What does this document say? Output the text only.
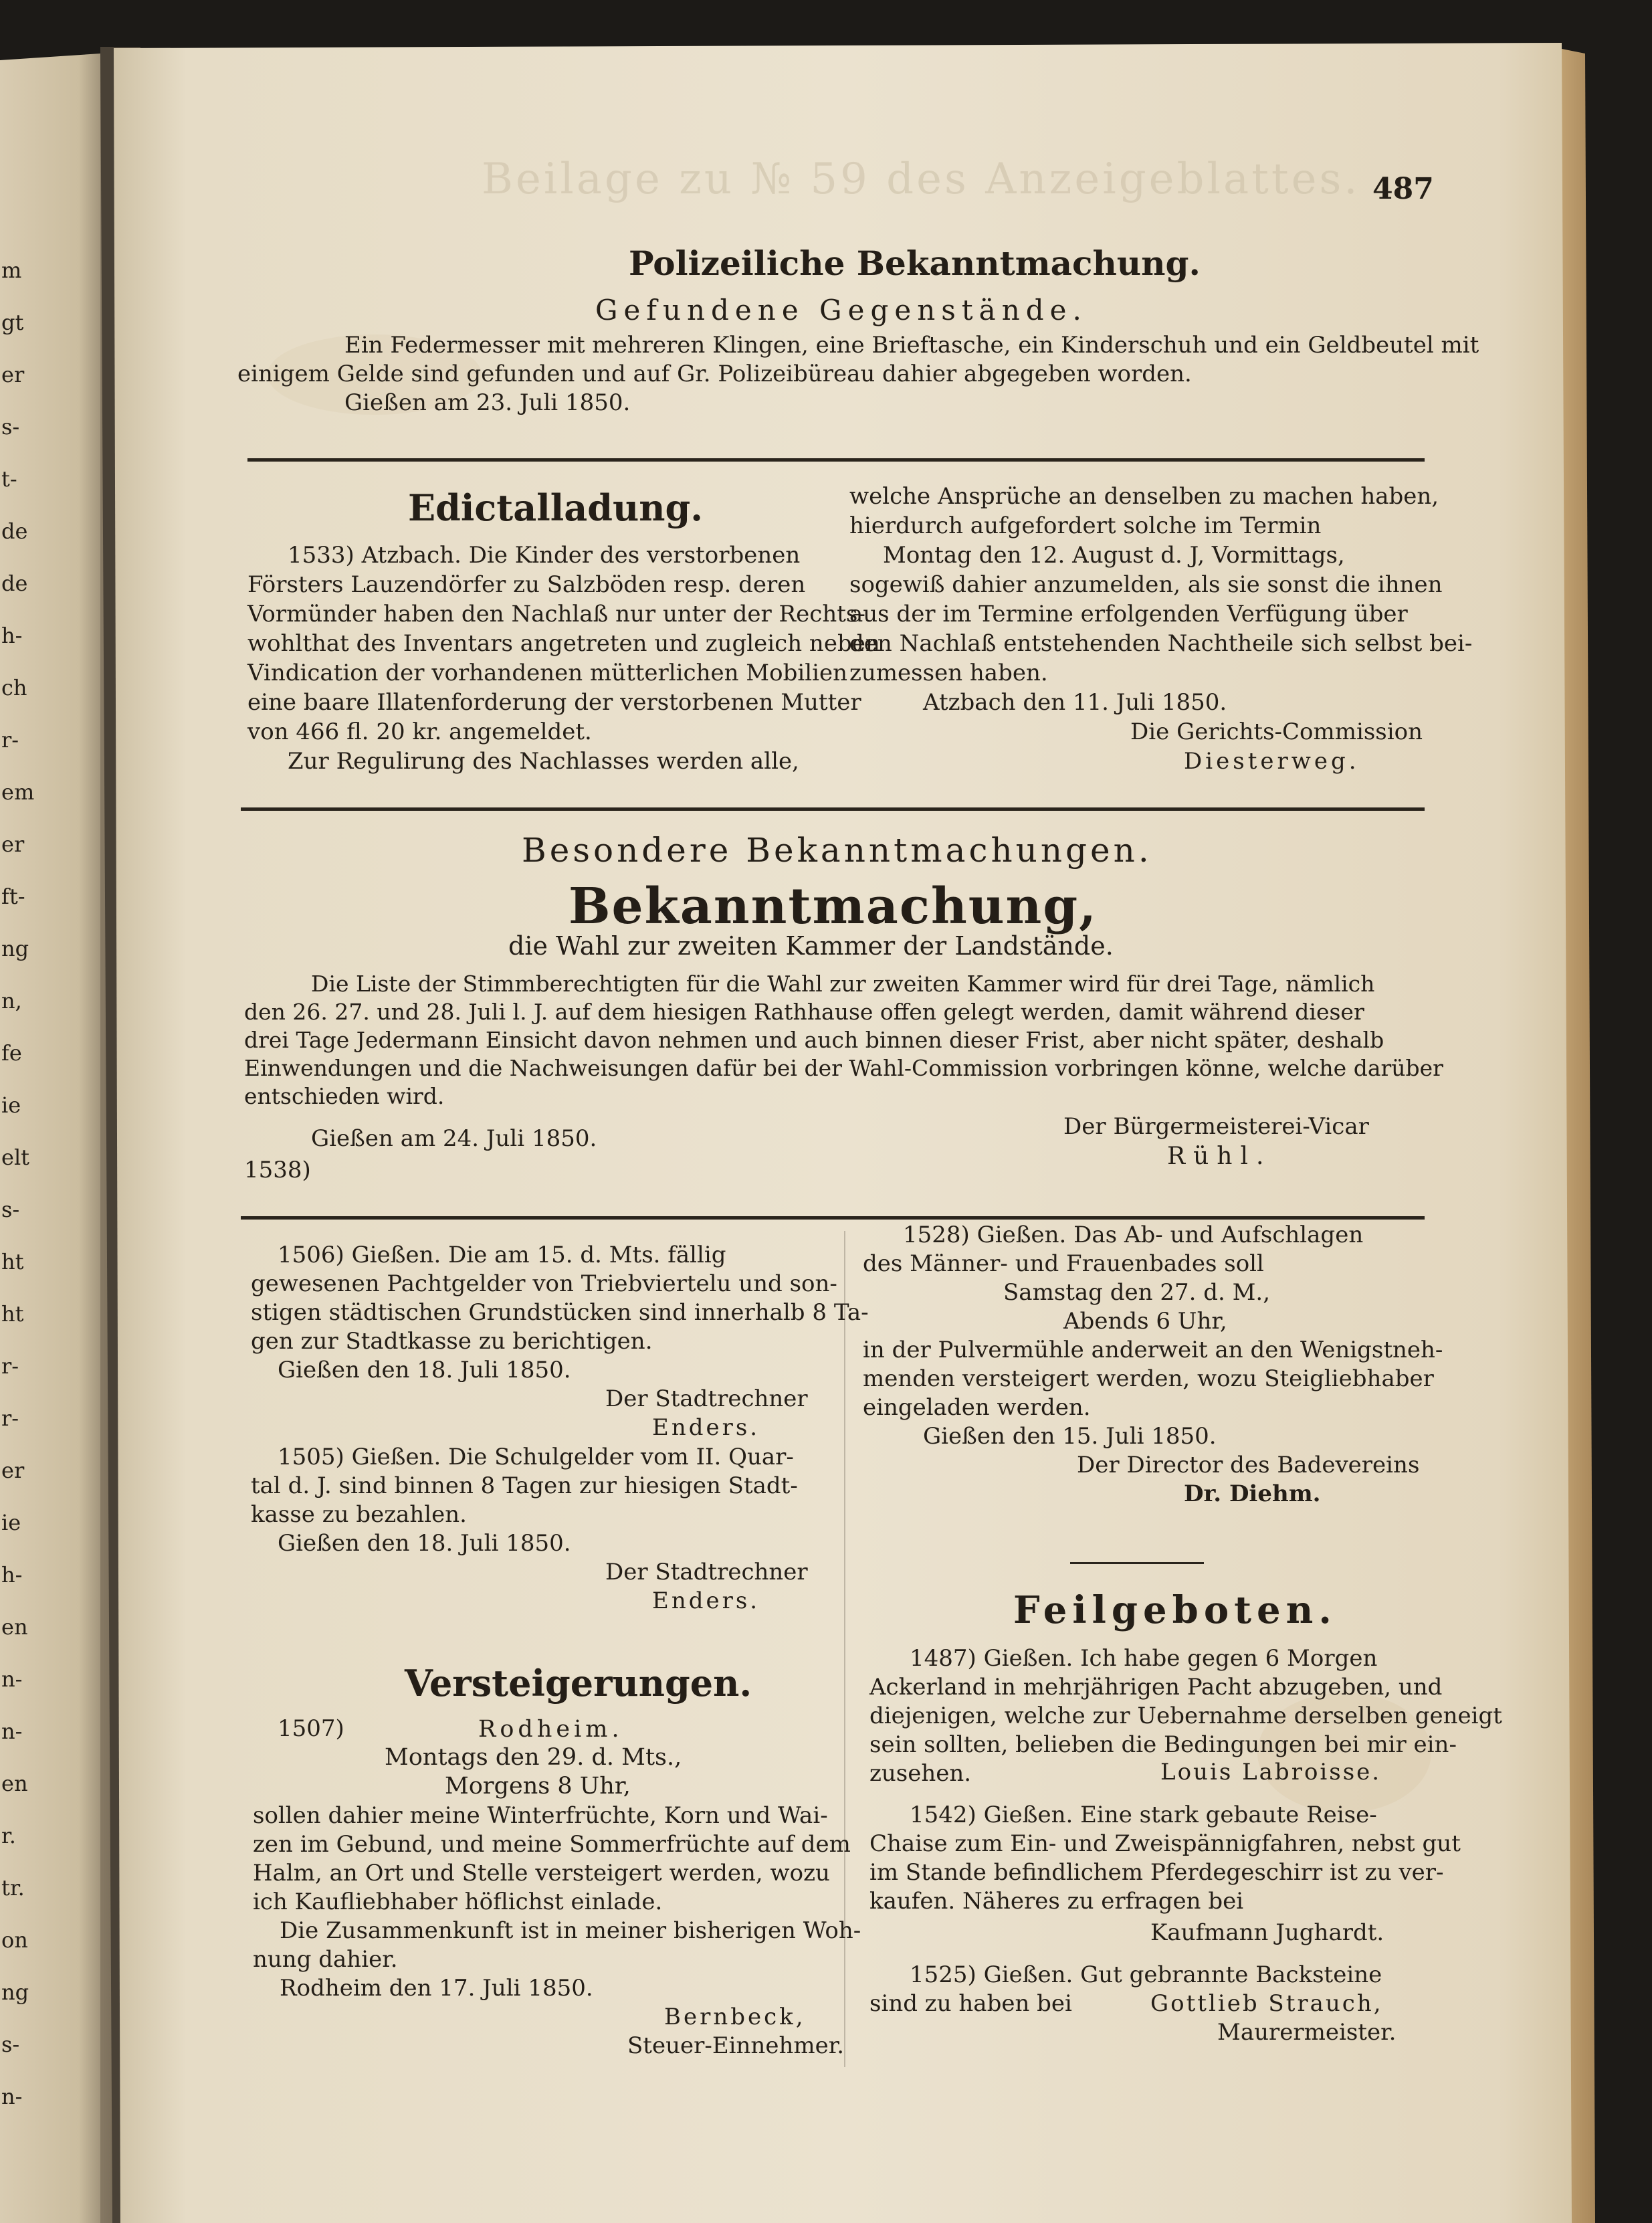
487
Beilage zu № 59 des Anzeigeblattes.
m
gt
er
s-
t-
de
de
h-
ch
r-
em
er
ft-
ng
n,
fe
ie
elt
s-
ht
ht
r-
r-
er
ie
h-
en
n-
n-
en
r.
tr.
on
ng
s-
n-
Polizeiliche Bekanntmachung.
Gefundene Gegenstände.
Ein Federmesser mit mehreren Klingen, eine Brieftasche, ein Kinderschuh und ein Geldbeutel mit
einigem Gelde sind gefunden und auf Gr. Polizeibüreau dahier abgegeben worden.
Gießen am 23. Juli 1850.
Edictalladung.
1533) Atzbach. Die Kinder des verstorbenen
Försters Lauzendörfer zu Salzböden resp. deren
Vormünder haben den Nachlaß nur unter der Rechts-
wohlthat des Inventars angetreten und zugleich neben
Vindication der vorhandenen mütterlichen Mobilien
eine baare Illatenforderung der verstorbenen Mutter
von 466 fl. 20 kr. angemeldet.
Zur Regulirung des Nachlasses werden alle,
welche Ansprüche an denselben zu machen haben,
hierdurch aufgefordert solche im Termin
Montag den 12. August d. J, Vormittags,
sogewiß dahier anzumelden, als sie sonst die ihnen
aus der im Termine erfolgenden Verfügung über
den Nachlaß entstehenden Nachtheile sich selbst bei-
zumessen haben.
Atzbach den 11. Juli 1850.
Die Gerichts-Commission
Diesterweg.
Besondere Bekanntmachungen.
Bekanntmachung,
die Wahl zur zweiten Kammer der Landstände.
Die Liste der Stimmberechtigten für die Wahl zur zweiten Kammer wird für drei Tage, nämlich
den 26. 27. und 28. Juli l. J. auf dem hiesigen Rathhause offen gelegt werden, damit während dieser
drei Tage Jedermann Einsicht davon nehmen und auch binnen dieser Frist, aber nicht später, deshalb
Einwendungen und die Nachweisungen dafür bei der Wahl-Commission vorbringen könne, welche darüber
entschieden wird.
Der Bürgermeisterei-Vicar
Gießen am 24. Juli 1850.
Rühl.
1538)
1506) Gießen. Die am 15. d. Mts. fällig
gewesenen Pachtgelder von Triebviertelu und son-
stigen städtischen Grundstücken sind innerhalb 8 Ta-
gen zur Stadtkasse zu berichtigen.
Gießen den 18. Juli 1850.
Der Stadtrechner
Enders.
1505) Gießen. Die Schulgelder vom II. Quar-
tal d. J. sind binnen 8 Tagen zur hiesigen Stadt-
kasse zu bezahlen.
Gießen den 18. Juli 1850.
Der Stadtrechner
Enders.
Versteigerungen.
1507)	Rodheim.
Montags den 29. d. Mts.,
Morgens 8 Uhr,
sollen dahier meine Winterfrüchte, Korn und Wai-
zen im Gebund, und meine Sommerfrüchte auf dem
Halm, an Ort und Stelle versteigert werden, wozu
ich Kaufliebhaber höflichst einlade.
Die Zusammenkunft ist in meiner bisherigen Woh-
nung dahier.
Rodheim den 17. Juli 1850.
Bernbeck,
Steuer-Einnehmer.
1528) Gießen. Das Ab- und Aufschlagen
des Männer- und Frauenbades soll
Samstag den 27. d. M.,
Abends 6 Uhr,
in der Pulvermühle anderweit an den Wenigstneh-
menden versteigert werden, wozu Steigliebhaber
eingeladen werden.
Gießen den 15. Juli 1850.
Der Director des Badevereins
Dr. Diehm.
Feilgeboten.
1487) Gießen. Ich habe gegen 6 Morgen
Ackerland in mehrjährigen Pacht abzugeben, und
diejenigen, welche zur Uebernahme derselben geneigt
sein sollten, belieben die Bedingungen bei mir ein-
zusehen.	Louis Labroisse.
1542) Gießen. Eine stark gebaute Reise-
Chaise zum Ein- und Zweispännigfahren, nebst gut
im Stande befindlichem Pferdegeschirr ist zu ver-
kaufen. Näheres zu erfragen bei
Kaufmann Jughardt.
1525) Gießen. Gut gebrannte Backsteine
sind zu haben bei	Gottlieb Strauch,
Maurermeister.
